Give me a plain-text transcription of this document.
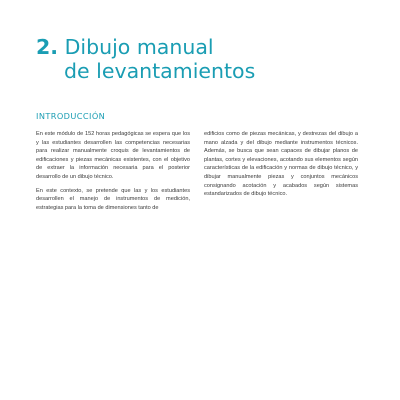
2. Dibujo manual
de levantamientos
INTRODUCCIÓN

En este módulo de 152 horas pedagógicas se espera que los y las estudiantes desarrollen las competencias necesarias para realizar manualmente croquis de levantamientos de edificaciones y piezas mecánicas existentes, con el objetivo de extraer la información necesaria para el posterior desarrollo de un dibujo técnico.

En este contexto, se pretende que las y los estudiantes desarrollen el manejo de instrumentos de medición, estrategias para la toma de dimensiones tanto de

edificios como de piezas mecánicas, y destrezas del dibujo a mano alzada y del dibujo mediante instrumentos técnicos. Además, se busca que sean capaces de dibujar planos de plantas, cortes y elevaciones, acotando sus elementos según características de la edificación y normas de dibujo técnico, y dibujar manualmente piezas y conjuntos mecánicos consignando acotación y acabados según sistemas estandarizados de dibujo técnico.
